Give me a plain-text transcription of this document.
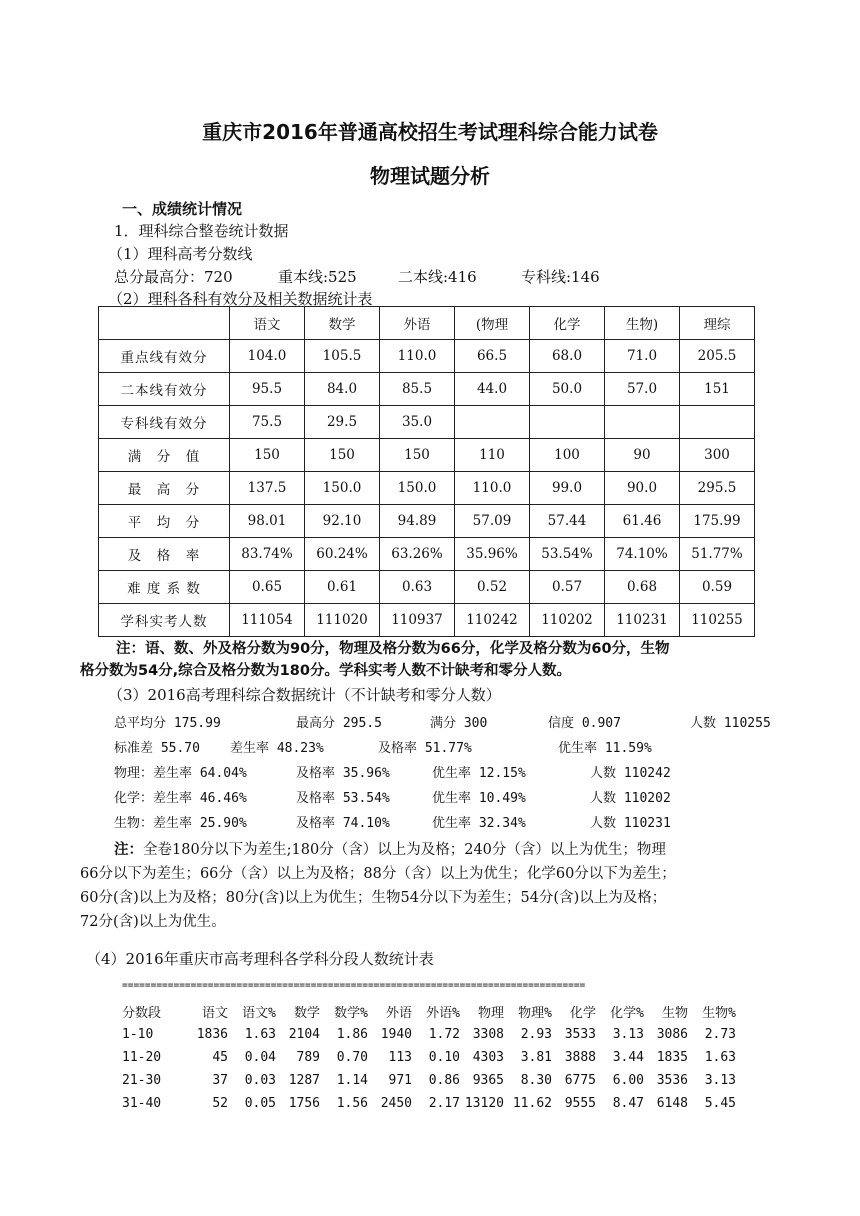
重庆市2016年普通高校招生考试理科综合能力试卷
物理试题分析
一、成绩统计情况
1．理科综合整卷统计数据
（1）理科高考分数线
总分最高分：720	重本线:525	二本线:416	专科线:146
（2）理科各科有效分及相关数据统计表
	语文	数学	外语	(物理	化学	生物)	理综
重点线有效分	104.0	105.5	110.0	66.5	68.0	71.0	205.5
二本线有效分	95.5	84.0	85.5	44.0	50.0	57.0	151
专科线有效分	75.5	29.5	35.0				
满　分　值	150	150	150	110	100	90	300
最　高　分	137.5	150.0	150.0	110.0	99.0	90.0	295.5
平　均　分	98.01	92.10	94.89	57.09	57.44	61.46	175.99
及　格　率	83.74%	60.24%	63.26%	35.96%	53.54%	74.10%	51.77%
难 度 系 数	0.65	0.61	0.63	0.52	0.57	0.68	0.59
学科实考人数	111054	111020	110937	110242	110202	110231	110255
注：语、数、外及格分数为90分，物理及格分数为66分，化学及格分数为60分，生物
格分数为54分,综合及格分数为180分。学科实考人数不计缺考和零分人数。
（3）2016高考理科综合数据统计（不计缺考和零分人数）
总平均分 175.99	最高分 295.5	满分 300	信度 0.907	人数 110255
标准差 55.70 差生率 48.23%	及格率 51.77%	优生率 11.59%
物理：差生率 64.04%	及格率 35.96%	优生率 12.15%	人数 110242
化学：差生率 46.46%	及格率 53.54%	优生率 10.49%	人数 110202
生物：差生率 25.90%	及格率 74.10%	优生率 32.34%	人数 110231
注：全卷180分以下为差生;180分（含）以上为及格；240分（含）以上为优生；物理
66分以下为差生；66分（含）以上为及格；88分（含）以上为优生；化学60分以下为差生；
60分(含)以上为及格；80分(含)以上为优生；生物54分以下为差生；54分(含)以上为及格；
72分(含)以上为优生。
（4）2016年重庆市高考理科各学科分段人数统计表
=================================================================================
分数段	语文	语文%	数学	数学%	外语	外语%	物理	物理%	化学	化学%	生物	生物%
1-10	1836	1.63	2104	1.86	1940	1.72	3308	2.93	3533	3.13	3086	2.73
11-20	45	0.04	789	0.70	113	0.10	4303	3.81	3888	3.44	1835	1.63
21-30	37	0.03	1287	1.14	971	0.86	9365	8.30	6775	6.00	3536	3.13
31-40	52	0.05	1756	1.56	2450	2.17	13120	11.62	9555	8.47	6148	5.45
